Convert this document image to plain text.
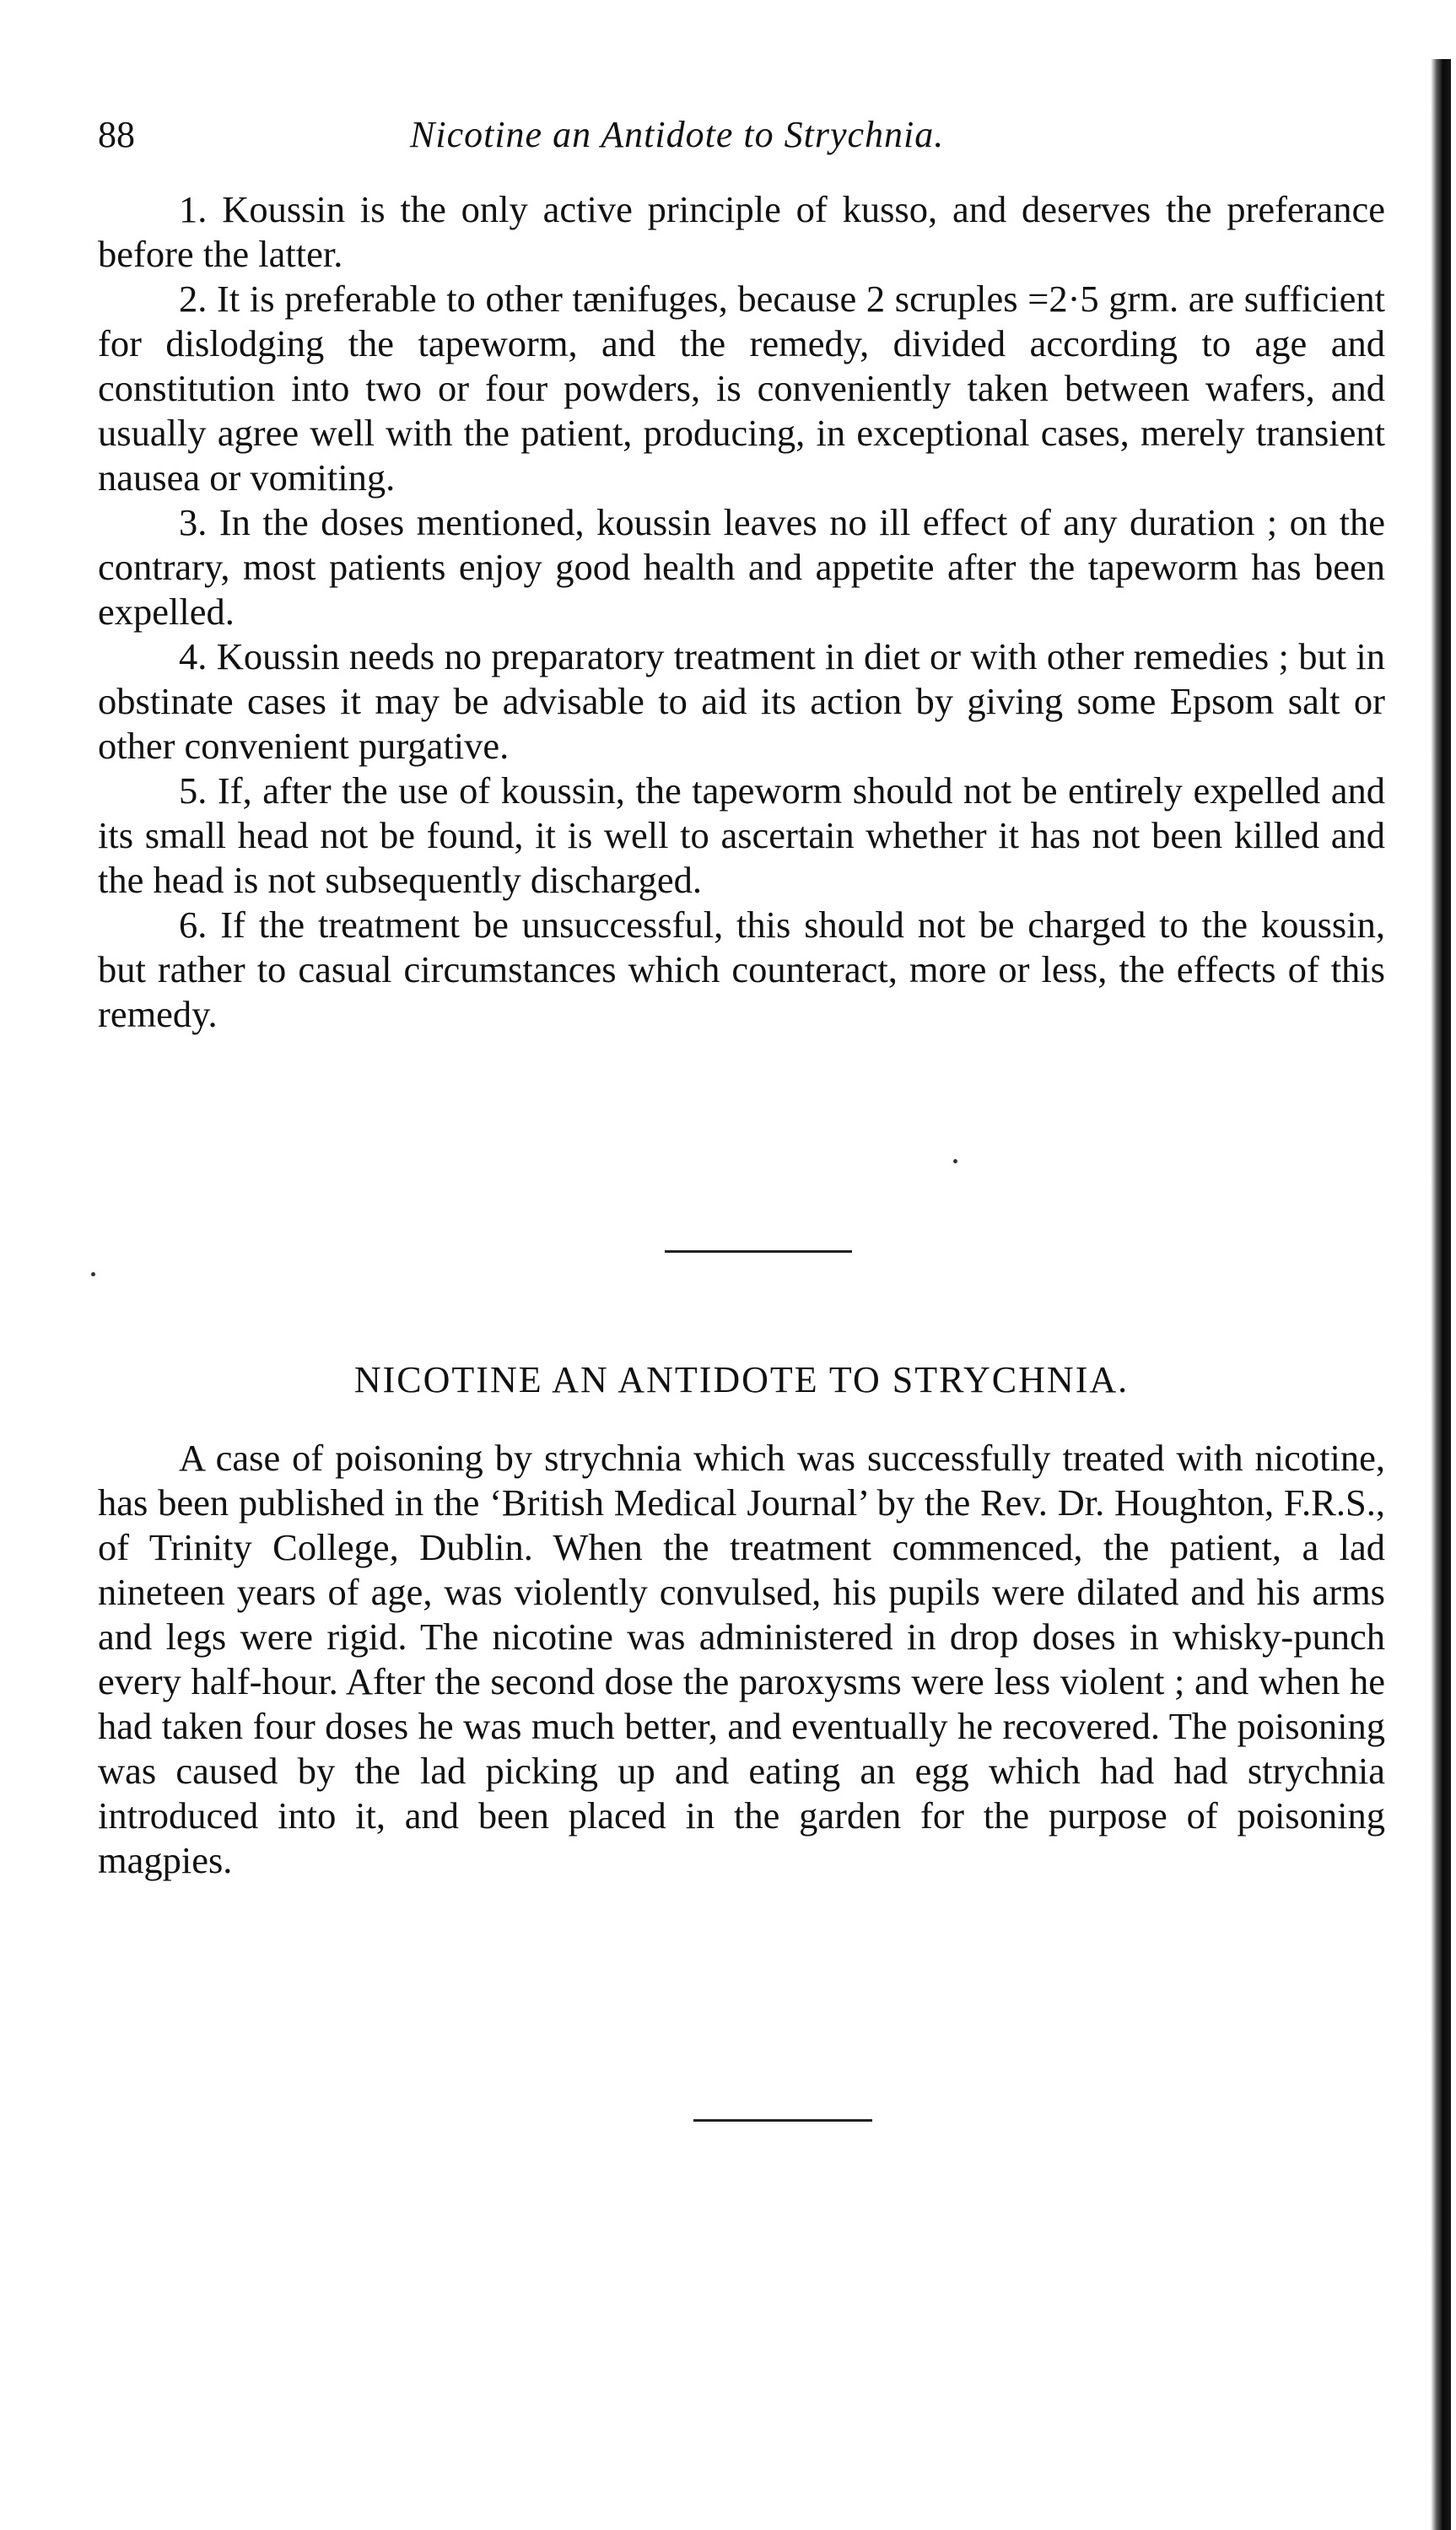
88	Nicotine an Antidote to Strychnia.

1. Koussin is the only active principle of kusso, and deserves the preferance before the latter.

2. It is preferable to other tænifuges, because 2 scruples =2·5 grm. are sufficient for dislodging the tapeworm, and the remedy, divided according to age and constitution into two or four powders, is conveniently taken between wafers, and usually agree well with the patient, producing, in exceptional cases, merely transient nausea or vomiting.

3. In the doses mentioned, koussin leaves no ill effect of any duration ; on the contrary, most patients enjoy good health and appetite after the tapeworm has been expelled.

4. Koussin needs no preparatory treatment in diet or with other remedies ; but in obstinate cases it may be advisable to aid its action by giving some Epsom salt or other convenient purgative.

5. If, after the use of koussin, the tapeworm should not be entirely expelled and its small head not be found, it is well to ascertain whether it has not been killed and the head is not subsequently discharged.

6. If the treatment be unsuccessful, this should not be charged to the koussin, but rather to casual circumstances which counteract, more or less, the effects of this remedy.

NICOTINE AN ANTIDOTE TO STRYCHNIA.

A case of poisoning by strychnia which was successfully treated with nicotine, has been published in the ‘British Medical Journal’ by the Rev. Dr. Houghton, F.R.S., of Trinity College, Dublin. When the treatment commenced, the patient, a lad nineteen years of age, was violently convulsed, his pupils were dilated and his arms and legs were rigid. The nicotine was administered in drop doses in whisky-punch every half-hour. After the second dose the paroxysms were less violent ; and when he had taken four doses he was much better, and eventually he recovered. The poisoning was caused by the lad picking up and eating an egg which had had strychnia introduced into it, and been placed in the garden for the purpose of poisoning magpies.
